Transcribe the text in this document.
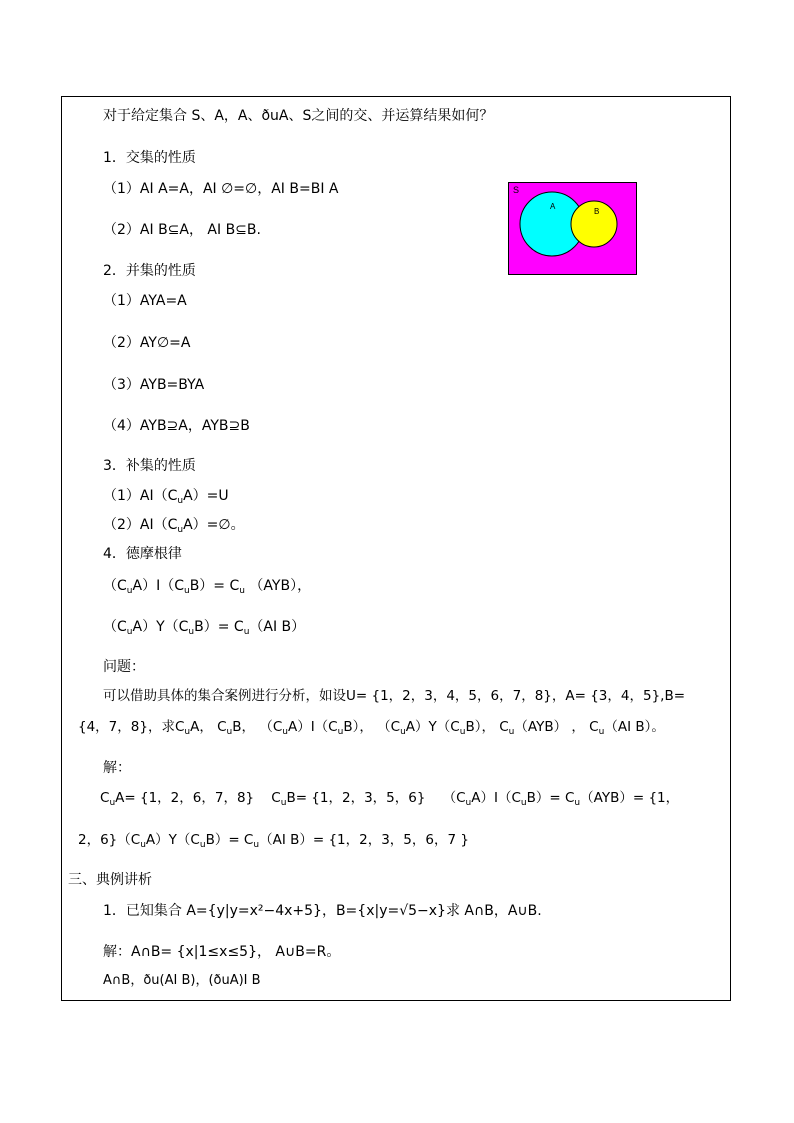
对于给定集合 S、A，A、ðuA、S之间的交、并运算结果如何？
1．交集的性质
（1）AI A=A，AI ∅=∅，AI B=BI A
（2）AI B⊆A， AI B⊆B.
2．并集的性质
（1）AYA=A
（2）AY∅=A
（3）AYB=BYA
（4）AYB⊇A，AYB⊇B
3．补集的性质
$(1)AI(C_uA)=U$
$(2)AI(C_uA)=\emptyset$。
4．德摩根律
$(C_uA)I(C_uB)= C_u$ （AYB），
$(C_uA)Y(C_uB)= C_u(AI$ B）
问题：
可以借助具体的集合案例进行分析，如设U= {1，2，3，4，5，6，7，8}，A= {3，4，5},B=
{4，7，8}，求$C_uA$， $C_uB$， $(C_uA)I(C_uB)$， $(C_uA)Y(C_uB)$， $C_u(AYB)$ ， $C_u(AI$ B）。
解：
$C_uA= \{1$，2，6，7，8}    $C_uB= \{1$，2，3，5，6}    $(C_uA)I(C_uB)= C_u(AYB)= \{1$，
2，$6\}(C_uA)Y(C_uB)= C_u(AI$ B）= {1，2，3，5，6，7 }
三、典例讲析
1．已知集合 A={y|y=x²−4x+5}，B={x|y=√5−x}求 A∩B，A∪B.
解：A∩B= {x|1≤x≤5}， A∪B=R。
A∩B，ðu(AI B)，(ðuA)I B
S
A
B
